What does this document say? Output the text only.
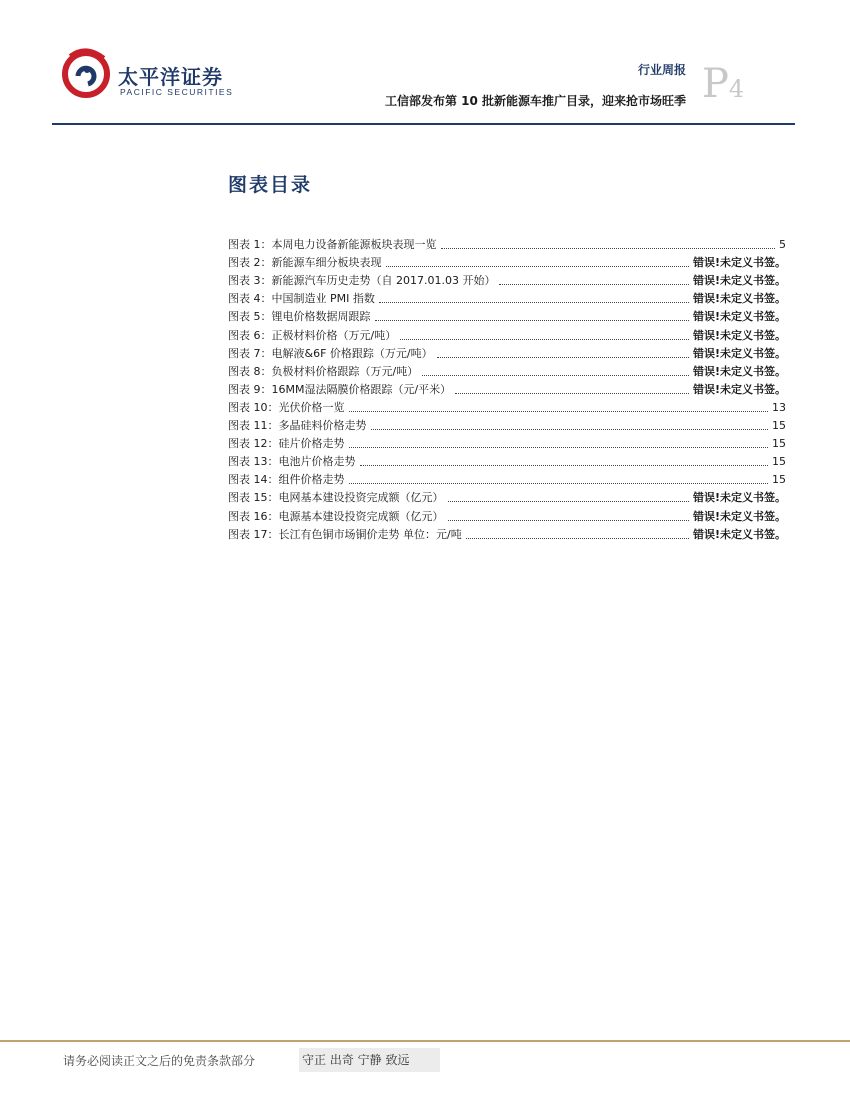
太平洋证券
PACIFIC SECURITIES
行业周报
工信部发布第 10 批新能源车推广目录，迎来抢市场旺季 P4
图表目录
图表 1：本周电力设备新能源板块表现一览	5
图表 2：新能源车细分板块表现	错误!未定义书签。
图表 3：新能源汽车历史走势（自 2017.01.03 开始）	错误!未定义书签。
图表 4：中国制造业 PMI 指数	错误!未定义书签。
图表 5：锂电价格数据周跟踪	错误!未定义书签。
图表 6：正极材料价格（万元/吨）	错误!未定义书签。
图表 7：电解液&6F 价格跟踪（万元/吨）	错误!未定义书签。
图表 8：负极材料价格跟踪（万元/吨）	错误!未定义书签。
图表 9：16MM湿法隔膜价格跟踪（元/平米）	错误!未定义书签。
图表 10：光伏价格一览	13
图表 11：多晶硅料价格走势	15
图表 12：硅片价格走势	15
图表 13：电池片价格走势	15
图表 14：组件价格走势	15
图表 15：电网基本建设投资完成额（亿元）	错误!未定义书签。
图表 16：电源基本建设投资完成额（亿元）	错误!未定义书签。
图表 17：长江有色铜市场铜价走势 单位：元/吨	错误!未定义书签。
请务必阅读正文之后的免责条款部分	守正 出奇 宁静 致远
